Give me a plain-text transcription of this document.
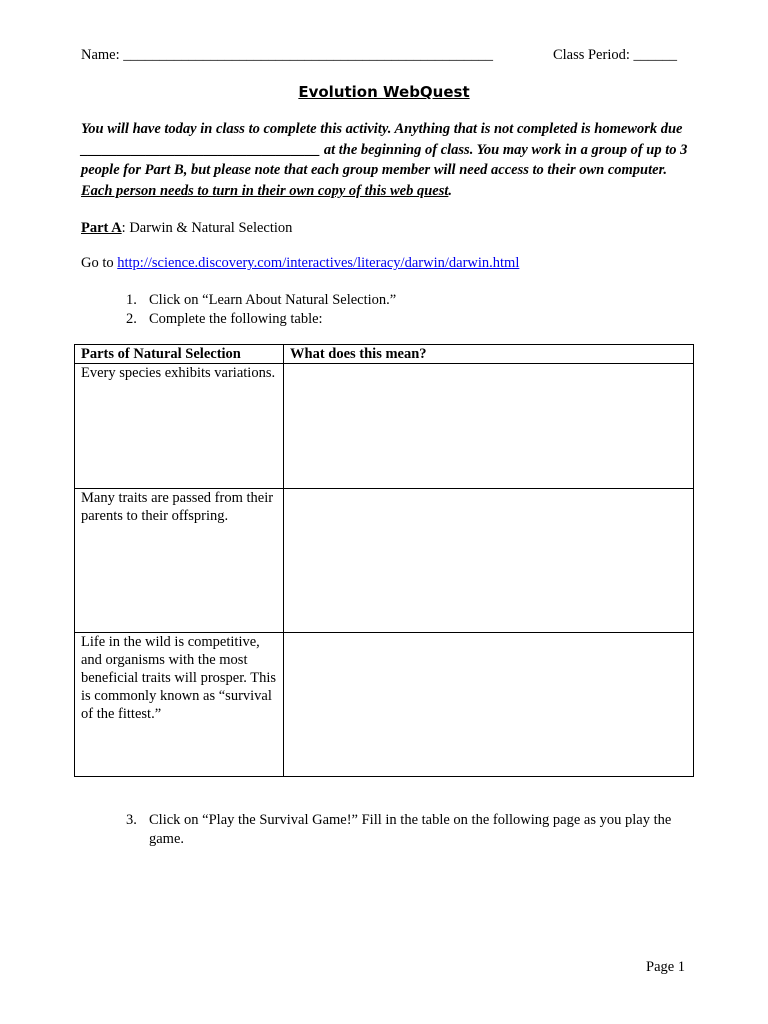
Name: ___________________________________________________	Class Period: ______
Evolution WebQuest
You will have today in class to complete this activity. Anything that is not completed is homework due _________________________________ at the beginning of class. You may work in a group of up to 3 people for Part B, but please note that each group member will need access to their own computer. Each person needs to turn in their own copy of this web quest.
Part A: Darwin & Natural Selection
Go to http://science.discovery.com/interactives/literacy/darwin/darwin.html
1. Click on “Learn About Natural Selection.”
2. Complete the following table:
Parts of Natural Selection	What does this mean?
Every species exhibits variations.	
Many traits are passed from their parents to their offspring.	
Life in the wild is competitive, and organisms with the most beneficial traits will prosper. This is commonly known as “survival of the fittest.”	
3. Click on “Play the Survival Game!” Fill in the table on the following page as you play the game.
Page 1
